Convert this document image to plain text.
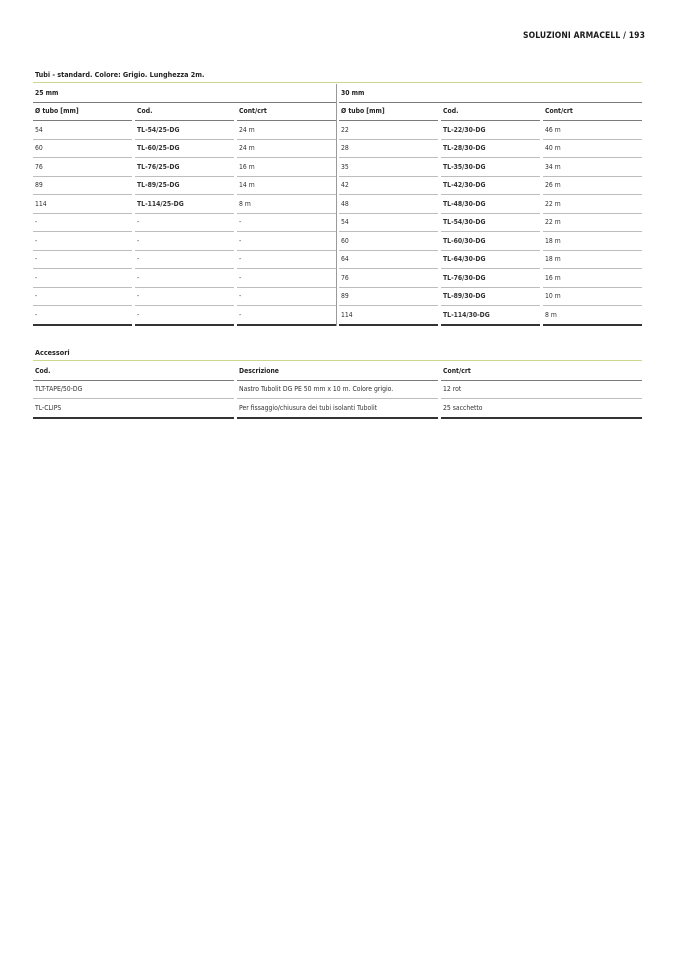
SOLUZIONI ARMACELL / 193
Tubi - standard. Colore: Grigio. Lunghezza 2m.
25 mm						30 mm				
Ø tubo [mm]		Cod.		Cont/crt		Ø tubo [mm]		Cod.		Cont/crt
54		TL-54/25-DG		24 m		22		TL-22/30-DG		46 m
60		TL-60/25-DG		24 m		28		TL-28/30-DG		40 m
76		TL-76/25-DG		16 m		35		TL-35/30-DG		34 m
89		TL-89/25-DG		14 m		42		TL-42/30-DG		26 m
114		TL-114/25-DG		8 m		48		TL-48/30-DG		22 m
-		-		-		54		TL-54/30-DG		22 m
-		-		-		60		TL-60/30-DG		18 m
-		-		-		64		TL-64/30-DG		18 m
-		-		-		76		TL-76/30-DG		16 m
-		-		-		89		TL-89/30-DG		10 m
-		-		-		114		TL-114/30-DG		8 m
Accessori
Cod.		Descrizione		Cont/crt
TLT-TAPE/50-DG		Nastro Tubolit DG PE 50 mm x 10 m. Colore grigio.		12 rot
TL-CLIPS		Per fissaggio/chiusura dei tubi isolanti Tubolit		25 sacchetto
